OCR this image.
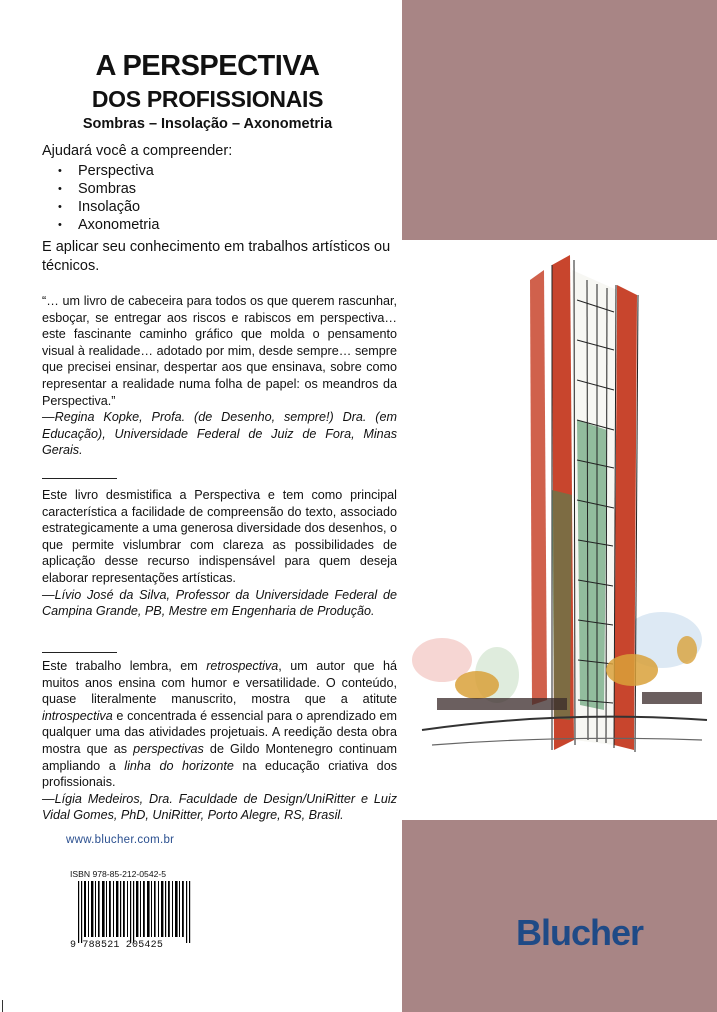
A PERSPECTIVA
DOS PROFISSIONAIS
Sombras – Insolação – Axonometria
Ajudará você a compreender:
• Perspectiva
• Sombras
• Insolação
• Axonometria
E aplicar seu conhecimento em trabalhos artísticos ou técnicos.
“… um livro de cabeceira para todos os que querem rascunhar, esboçar, se entregar aos riscos e rabiscos em perspectiva… este fascinante caminho gráfico que molda o pensamento visual à realidade… adotado por mim, desde sempre… sempre que precisei ensinar, despertar aos que ensinava, sobre como representar a realidade numa folha de papel: os meandros da Perspectiva.”
—Regina Kopke, Profa. (de Desenho, sempre!) Dra. (em Educação), Universidade Federal de Juiz de Fora, Minas Gerais.
Este livro desmistifica a Perspectiva e tem como principal característica a facilidade de compreensão do texto, associado estrategicamente a uma generosa diversidade dos desenhos, o que permite vislumbrar com clareza as possibilidades de aplicação desse recurso indispensável para quem deseja elaborar representações artísticas.
—Lívio José da Silva, Professor da Universidade Federal de Campina Grande, PB, Mestre em Engenharia de Produção.
Este trabalho lembra, em retrospectiva, um autor que há muitos anos ensina com humor e versatilidade. O conteúdo, quase literalmente manuscrito, mostra que a atitute introspectiva e concentrada é essencial para o aprendizado em qualquer uma das atividades projetuais. A reedição desta obra mostra que as perspectivas de Gildo Montenegro continuam ampliando a linha do horizonte na educação criativa dos profissionais.
—Lígia Medeiros, Dra. Faculdade de Design/UniRitter e Luiz Vidal Gomes, PhD, UniRitter, Porto Alegre, RS, Brasil.
www.blucher.com.br
ISBN 978-85-212-0542-5
9 788521 205425	Blucher
